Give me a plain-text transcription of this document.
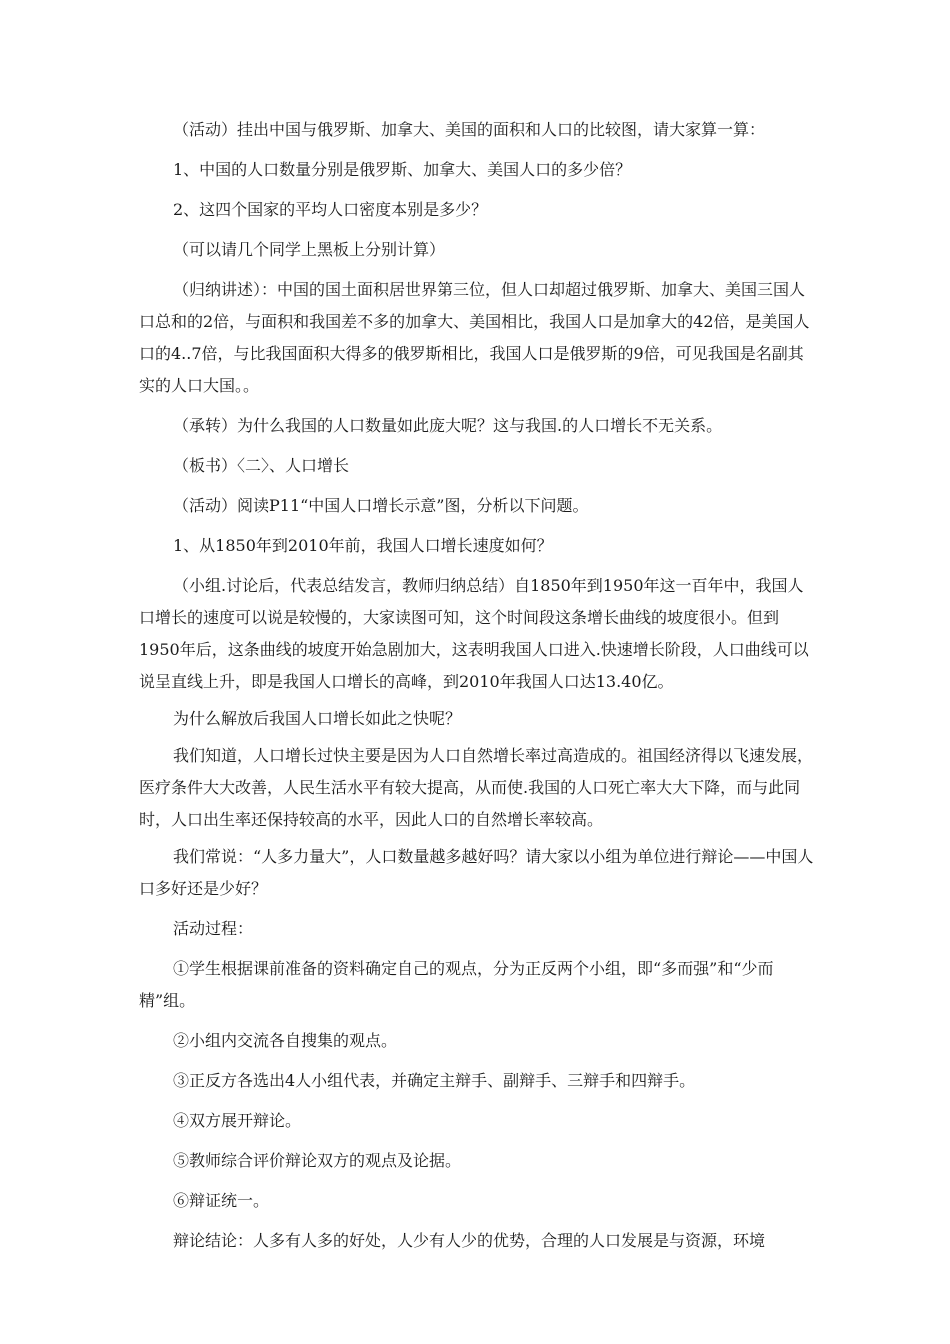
（活动）挂出中国与俄罗斯、加拿大、美国的面积和人口的比较图，请大家算一算：

1、中国的人口数量分别是俄罗斯、加拿大、美国人口的多少倍？

2、这四个国家的平均人口密度本别是多少？

（可以请几个同学上黑板上分别计算）

（归纳讲述）：中国的国土面积居世界第三位，但人口却超过俄罗斯、加拿大、美国三国人口总和的2倍，与面积和我国差不多的加拿大、美国相比，我国人口是加拿大的42倍，是美国人口的4..7倍，与比我国面积大得多的俄罗斯相比，我国人口是俄罗斯的9倍，可见我国是名副其实的人口大国。。

（承转）为什么我国的人口数量如此庞大呢？这与我国.的人口增长不无关系。

（板书）〈二〉、人口增长

（活动）阅读P11“中国人口增长示意”图，分析以下问题。

1、从1850年到2010年前，我国人口增长速度如何？

（小组.讨论后，代表总结发言，教师归纳总结）自1850年到1950年这一百年中，我国人口增长的速度可以说是较慢的，大家读图可知，这个时间段这条增长曲线的坡度很小。但到1950年后，这条曲线的坡度开始急剧加大，这表明我国人口进入.快速增长阶段，人口曲线可以说呈直线上升，即是我国人口增长的高峰，到2010年我国人口达13.40亿。

为什么解放后我国人口增长如此之快呢？

我们知道，人口增长过快主要是因为人口自然增长率过高造成的。祖国经济得以飞速发展，医疗条件大大改善，人民生活水平有较大提高，从而使.我国的人口死亡率大大下降，而与此同时，人口出生率还保持较高的水平，因此人口的自然增长率较高。

我们常说：“人多力量大”，人口数量越多越好吗？请大家以小组为单位进行辩论——中国人口多好还是少好？

活动过程：

①学生根据课前准备的资料确定自己的观点，分为正反两个小组，即“多而强”和“少而精”组。

②小组内交流各自搜集的观点。

③正反方各选出4人小组代表，并确定主辩手、副辩手、三辩手和四辩手。

④双方展开辩论。

⑤教师综合评价辩论双方的观点及论据。

⑥辩证统一。

辩论结论：人多有人多的好处，人少有人少的优势，合理的人口发展是与资源，环境
